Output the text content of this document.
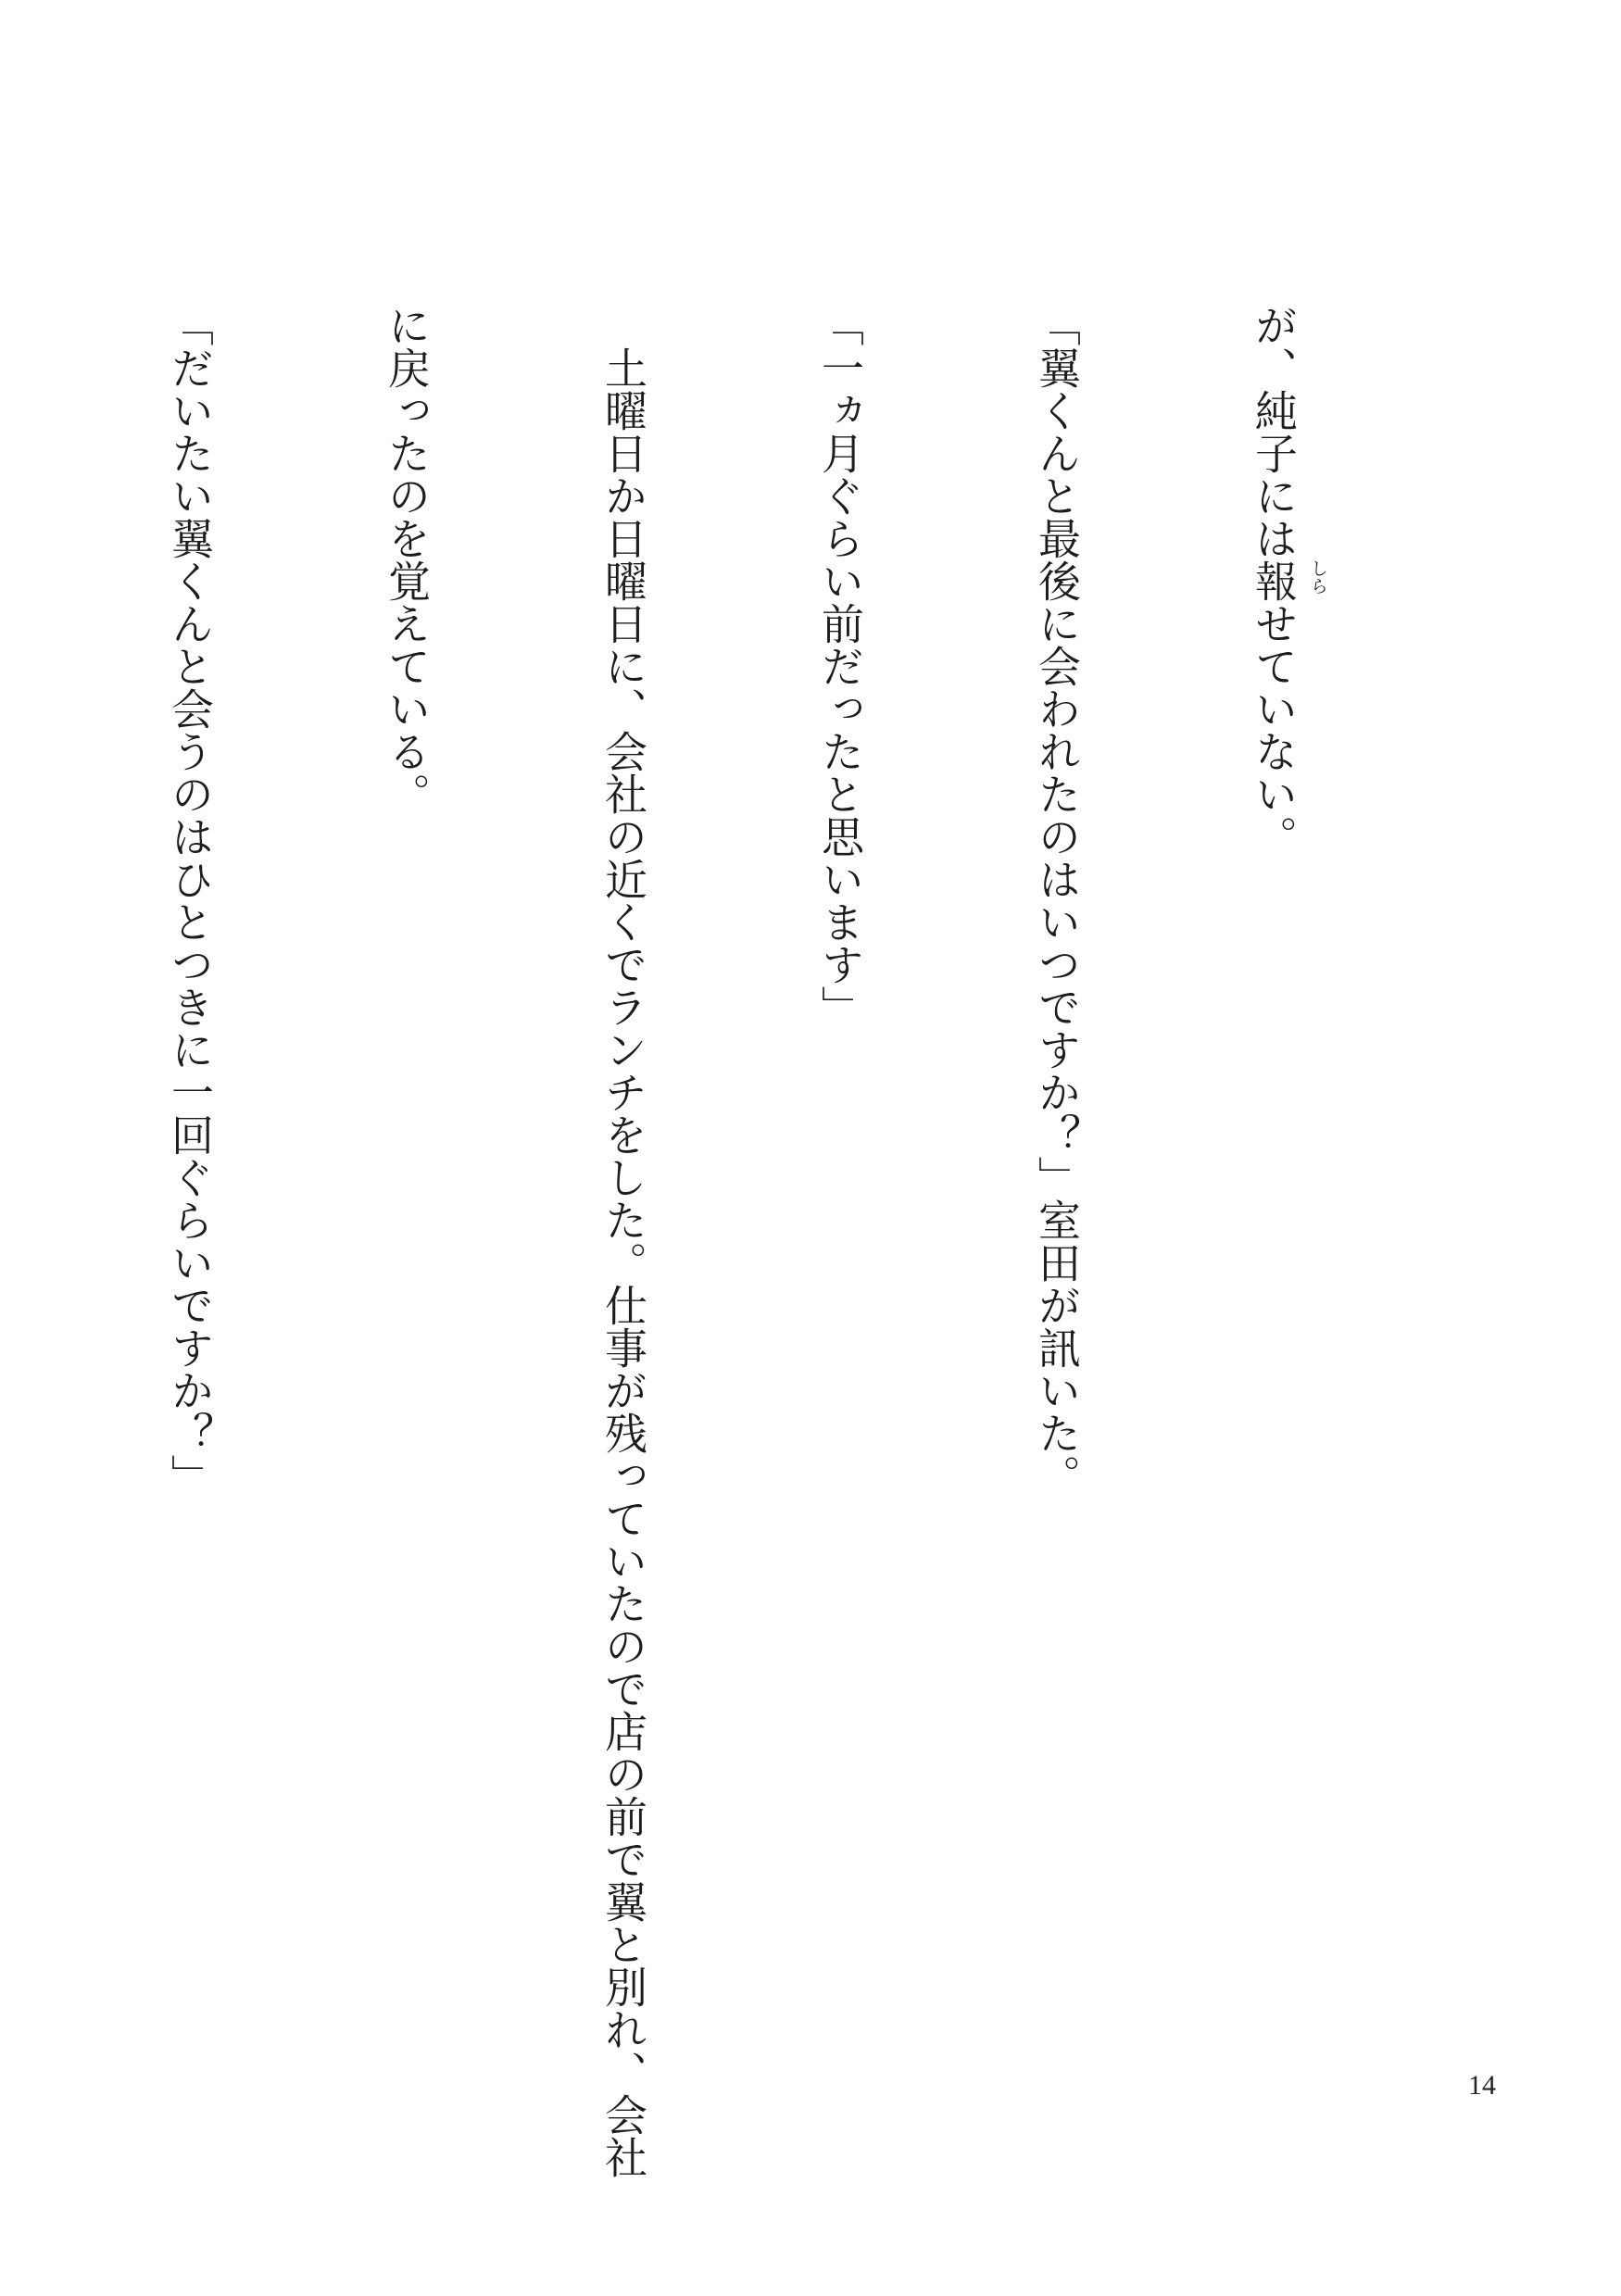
が、純子には報 しら
せていない。

「翼くんと最後に会われたのはいつですか？」室田が訊いた。

「一ヵ月ぐらい前だったと思います」

　土曜日か日曜日に、会社の近くでランチをした。仕事が残っていたので店の前で翼と別れ、会社

に戻ったのを覚えている。

「だいたい翼くんと会うのはひとつきに一回ぐらいですか？」

14
